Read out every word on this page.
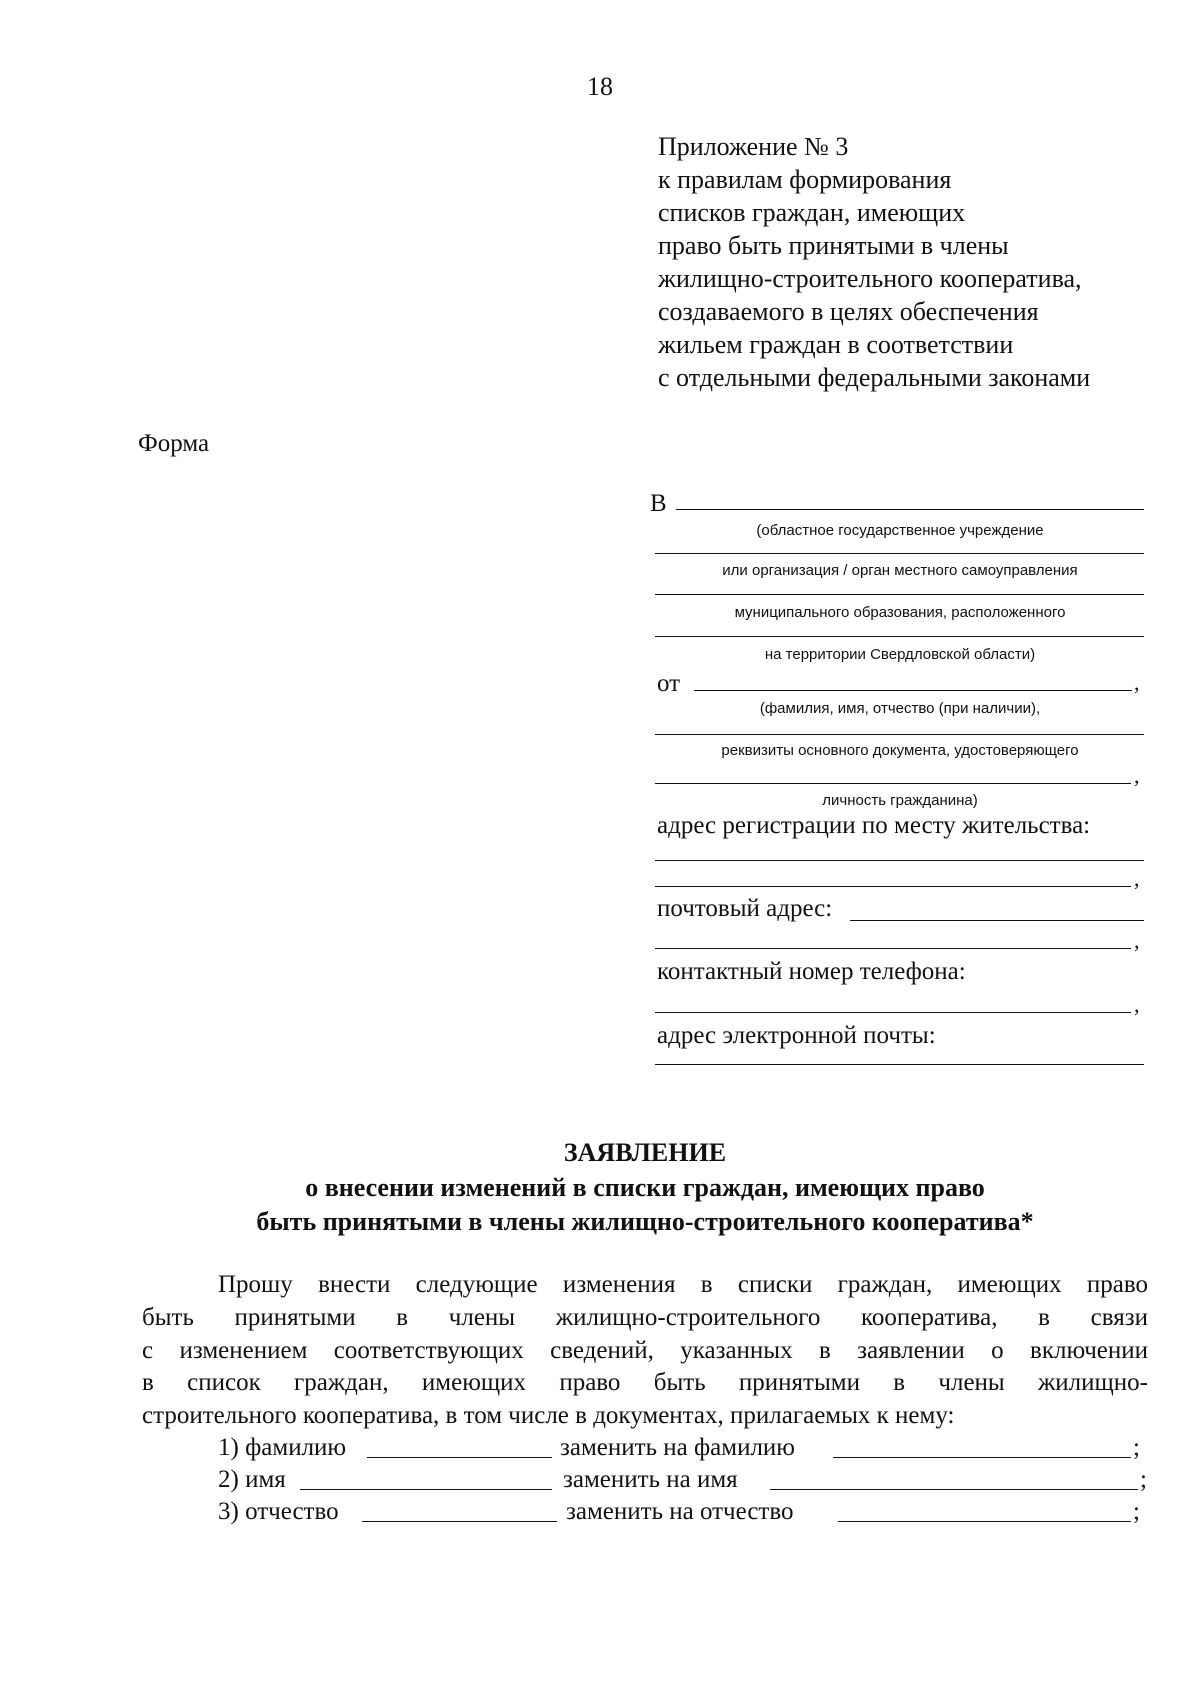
18
Приложение № 3
к правилам формирования
списков граждан, имеющих
право быть принятыми в члены
жилищно-строительного кооператива,
создаваемого в целях обеспечения
жильем граждан в соответствии
с отдельными федеральными законами
Форма
В
(областное государственное учреждение
или организация / орган местного самоуправления
муниципального образования, расположенного
на территории Свердловской области)
от	,
(фамилия, имя, отчество (при наличии),
реквизиты основного документа, удостоверяющего
,
личность гражданина)
адрес регистрации по месту жительства:
,
почтовый адрес:
,
контактный номер телефона:
,
адрес электронной почты:
ЗАЯВЛЕНИЕ
о внесении изменений в списки граждан, имеющих право
быть принятыми в члены жилищно-строительного кооператива*
Прошу внести следующие изменения в списки граждан, имеющих право
быть принятыми в члены жилищно-строительного кооператива, в связи
с изменением соответствующих сведений, указанных в заявлении о включении
в список граждан, имеющих право быть принятыми в члены жилищно-
строительного кооператива, в том числе в документах, прилагаемых к нему:
1) фамилию	заменить на фамилию	;
2) имя	заменить на имя	;
3) отчество	заменить на отчество	;
